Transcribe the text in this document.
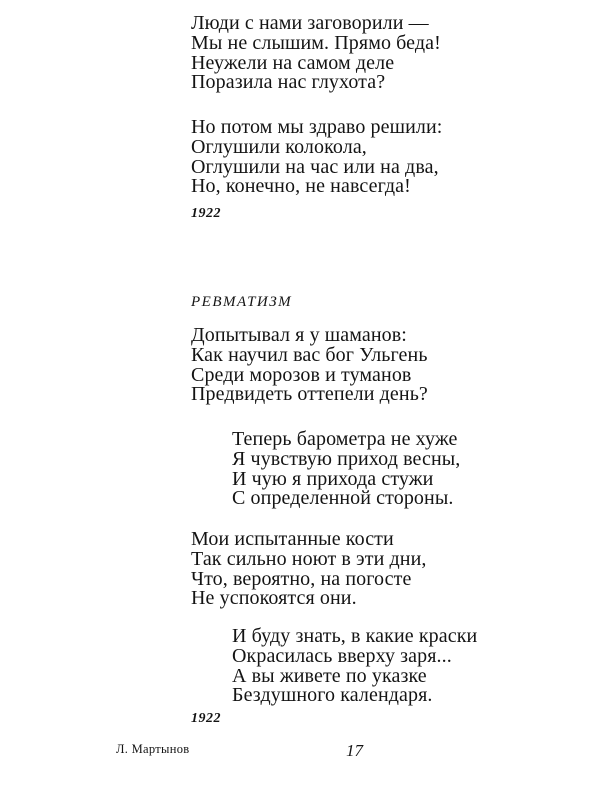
Люди с нами заговорили —
Мы не слышим. Прямо беда!
Неужели на самом деле
Поразила нас глухота?
Но потом мы здраво решили:
Оглушили колокола,
Оглушили на час или на два,
Но, конечно, не навсегда!
1922
РЕВМАТИЗМ
Допытывал я у шаманов:
Как научил вас бог Ульгень
Среди морозов и туманов
Предвидеть оттепели день?
Теперь барометра не хуже
Я чувствую приход весны,
И чую я прихода стужи
С определенной стороны.
Мои испытанные кости
Так сильно ноют в эти дни,
Что, вероятно, на погосте
Не успокоятся они.
И буду знать, в какие краски
Окрасилась вверху заря...
А вы живете по указке
Бездушного календаря.
1922
Л. Мартынов	17
